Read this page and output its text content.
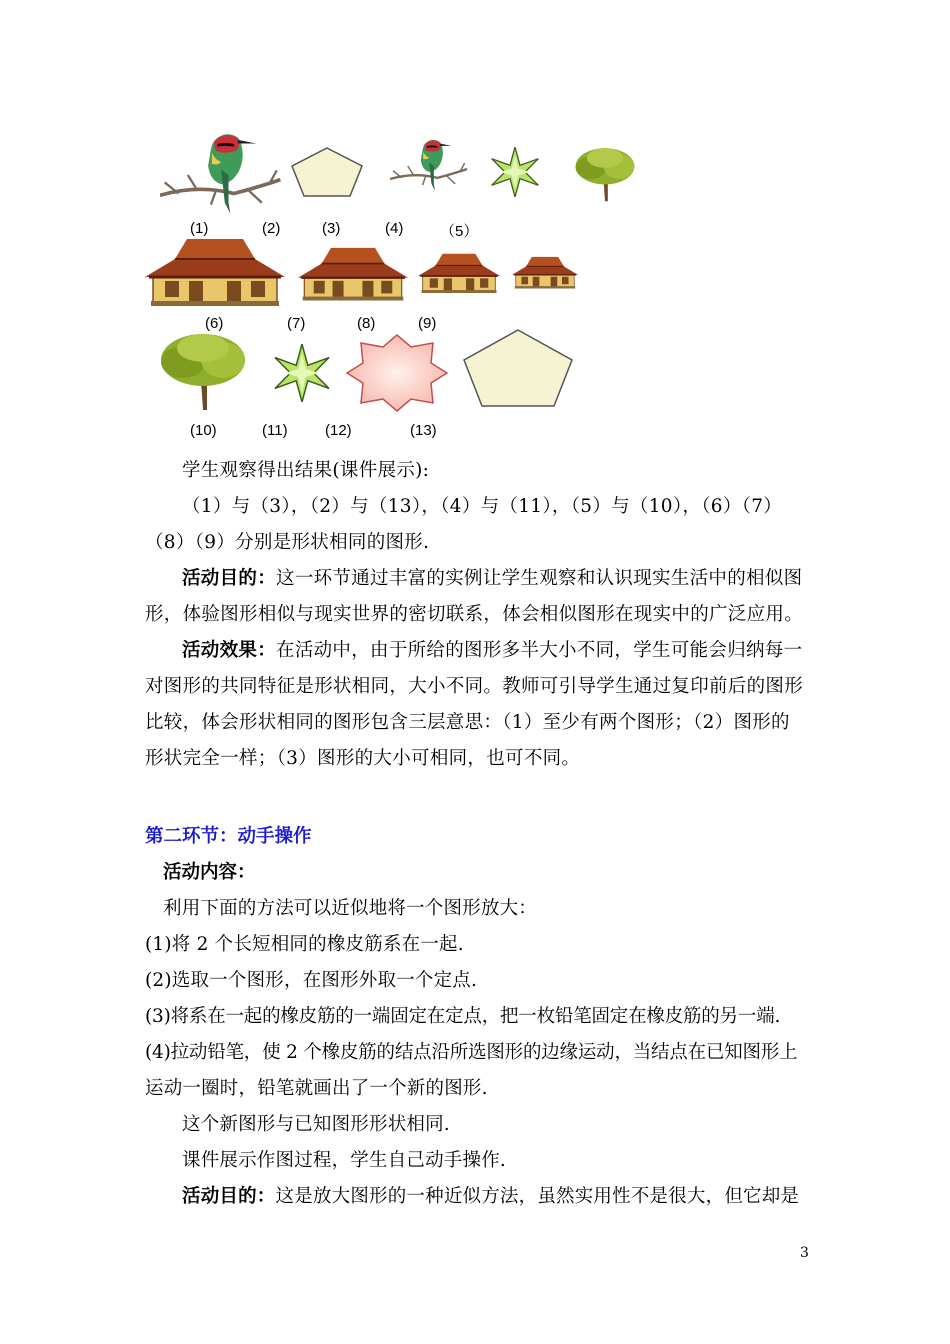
(1)	(2)	(3)	(4) （5）
(6)	(7)	(8)	(9)
(10)	(11) (12)	(13)
学生观察得出结果(课件展示):
（1）与（3），（2）与（13），（4）与（11），（5）与（10），（6）（7）（8）（9）分别是形状相同的图形.
活动目的：这一环节通过丰富的实例让学生观察和认识现实生活中的相似图形，体验图形相似与现实世界的密切联系，体会相似图形在现实中的广泛应用。
活动效果：在活动中，由于所给的图形多半大小不同，学生可能会归纳每一对图形的共同特征是形状相同，大小不同。教师可引导学生通过复印前后的图形比较，体会形状相同的图形包含三层意思：（1）至少有两个图形；（2）图形的形状完全一样；（3）图形的大小可相同，也可不同。
第二环节：动手操作
活动内容：
利用下面的方法可以近似地将一个图形放大：
(1)将 2 个长短相同的橡皮筋系在一起.
(2)选取一个图形，在图形外取一个定点.
(3)将系在一起的橡皮筋的一端固定在定点，把一枚铅笔固定在橡皮筋的另一端.
(4)拉动铅笔，使 2 个橡皮筋的结点沿所选图形的边缘运动，当结点在已知图形上
运动一圈时，铅笔就画出了一个新的图形.
这个新图形与已知图形形状相同.
课件展示作图过程，学生自己动手操作.
活动目的：这是放大图形的一种近似方法，虽然实用性不是很大，但它却是
3
